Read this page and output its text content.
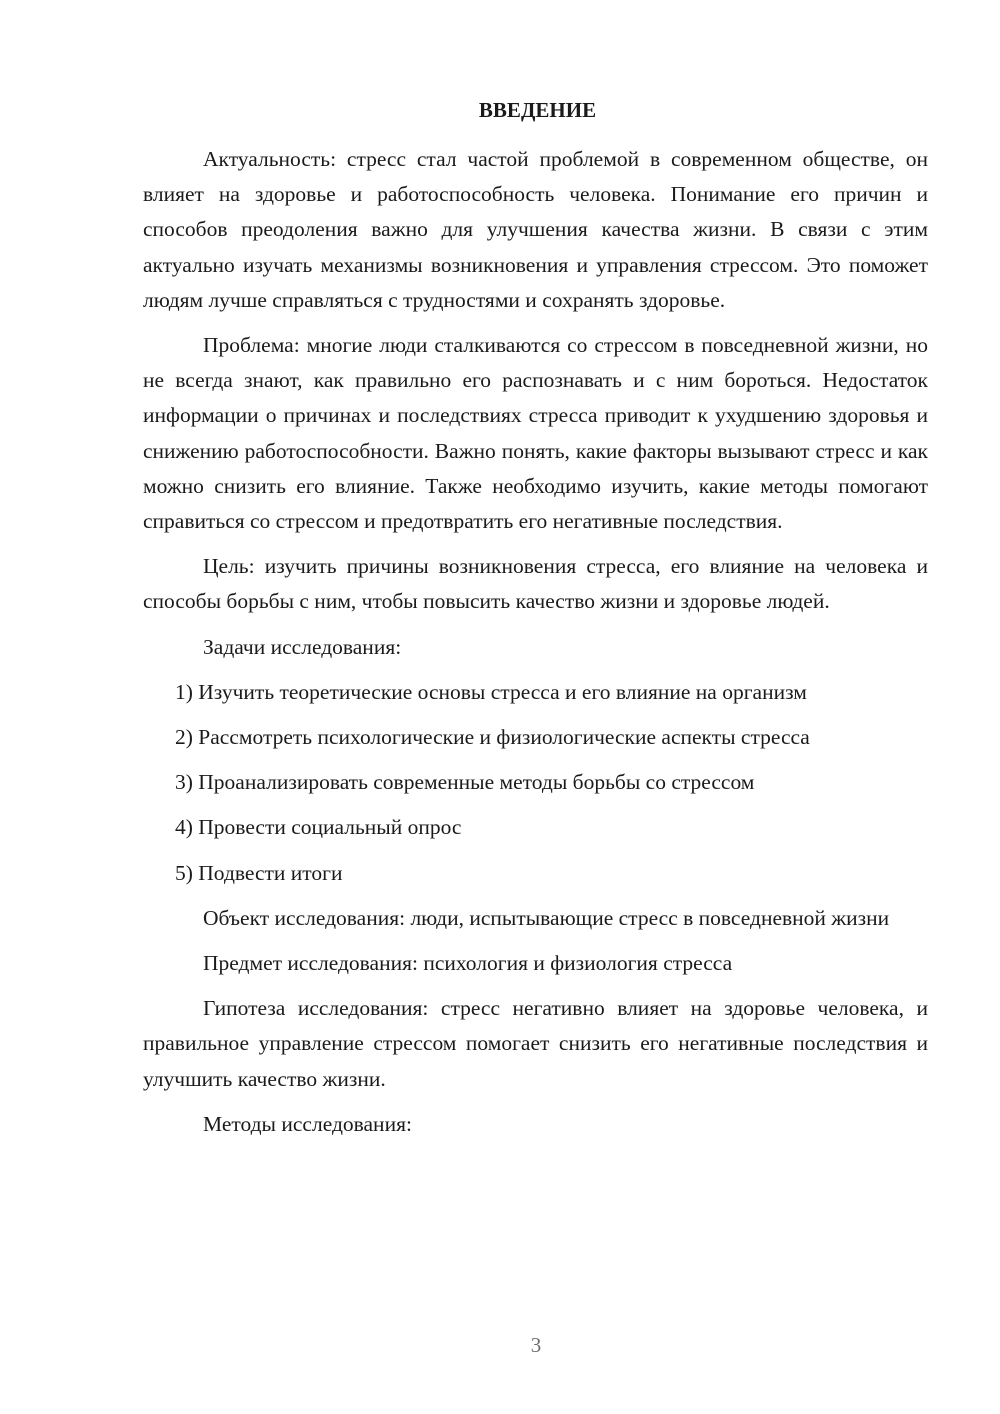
ВВЕДЕНИЕ

Актуальность: стресс стал частой проблемой в современном обществе, он влияет на здоровье и работоспособность человека. Понимание его причин и способов преодоления важно для улучшения качества жизни. В связи с этим актуально изучать механизмы возникновения и управления стрессом. Это поможет людям лучше справляться с трудностями и сохранять здоровье.

Проблема: многие люди сталкиваются со стрессом в повседневной жизни, но не всегда знают, как правильно его распознавать и с ним бороться. Недостаток информации о причинах и последствиях стресса приводит к ухудшению здоровья и снижению работоспособности. Важно понять, какие факторы вызывают стресс и как можно снизить его влияние. Также необходимо изучить, какие методы помогают справиться со стрессом и предотвратить его негативные последствия.

Цель: изучить причины возникновения стресса, его влияние на человека и способы борьбы с ним, чтобы повысить качество жизни и здоровье людей.

Задачи исследования:

1) Изучить теоретические основы стресса и его влияние на организм
2) Рассмотреть психологические и физиологические аспекты стресса
3) Проанализировать современные методы борьбы со стрессом
4) Провести социальный опрос
5) Подвести итоги

Объект исследования: люди, испытывающие стресс в повседневной жизни

Предмет исследования: психология и физиология стресса

Гипотеза исследования: стресс негативно влияет на здоровье человека, и правильное управление стрессом помогает снизить его негативные последствия и улучшить качество жизни.

Методы исследования:

3
